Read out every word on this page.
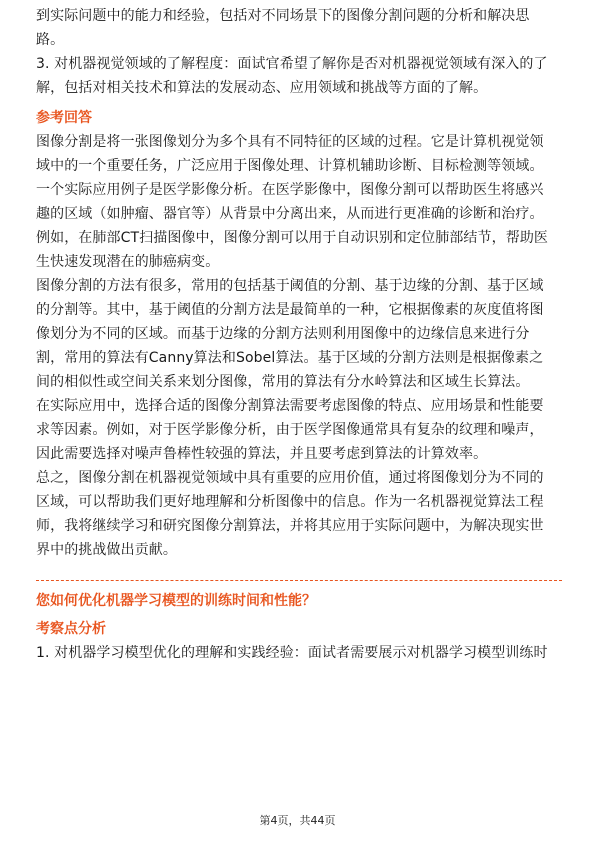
到实际问题中的能力和经验，包括对不同场景下的图像分割问题的分析和解决思
路。
3. 对机器视觉领域的了解程度：面试官希望了解你是否对机器视觉领域有深入的了
解，包括对相关技术和算法的发展动态、应用领域和挑战等方面的了解。
参考回答
图像分割是将一张图像划分为多个具有不同特征的区域的过程。它是计算机视觉领
域中的一个重要任务，广泛应用于图像处理、计算机辅助诊断、目标检测等领域。
一个实际应用例子是医学影像分析。在医学影像中，图像分割可以帮助医生将感兴
趣的区域（如肿瘤、器官等）从背景中分离出来，从而进行更准确的诊断和治疗。
例如，在肺部CT扫描图像中，图像分割可以用于自动识别和定位肺部结节，帮助医
生快速发现潜在的肺癌病变。
图像分割的方法有很多，常用的包括基于阈值的分割、基于边缘的分割、基于区域
的分割等。其中，基于阈值的分割方法是最简单的一种，它根据像素的灰度值将图
像划分为不同的区域。而基于边缘的分割方法则利用图像中的边缘信息来进行分
割，常用的算法有Canny算法和Sobel算法。基于区域的分割方法则是根据像素之
间的相似性或空间关系来划分图像，常用的算法有分水岭算法和区域生长算法。
在实际应用中，选择合适的图像分割算法需要考虑图像的特点、应用场景和性能要
求等因素。例如，对于医学影像分析，由于医学图像通常具有复杂的纹理和噪声，
因此需要选择对噪声鲁棒性较强的算法，并且要考虑到算法的计算效率。
总之，图像分割在机器视觉领域中具有重要的应用价值，通过将图像划分为不同的
区域，可以帮助我们更好地理解和分析图像中的信息。作为一名机器视觉算法工程
师，我将继续学习和研究图像分割算法，并将其应用于实际问题中，为解决现实世
界中的挑战做出贡献。
您如何优化机器学习模型的训练时间和性能？
考察点分析
1. 对机器学习模型优化的理解和实践经验：面试者需要展示对机器学习模型训练时
第4页，共44页
